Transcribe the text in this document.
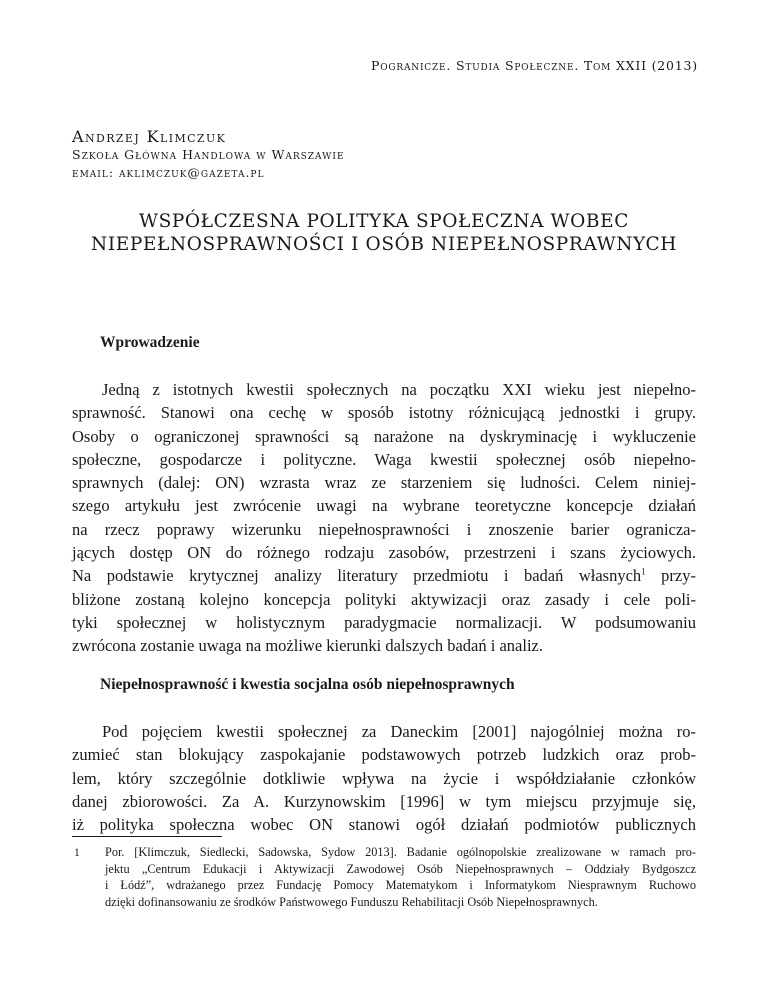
Pogranicze. Studia Społeczne. Tom XXII (2013)

Andrzej Klimczuk

Szkoła Główna Handlowa w Warszawie

email: aklimczuk@gazeta.pl

WSPÓŁCZESNA POLITYKA SPOŁECZNA WOBEC
NIEPEŁNOSPRAWNOŚCI I OSÓB NIEPEŁNOSPRAWNYCH
Wprowadzenie
Jedną z istotnych kwestii społecznych na początku XXI wieku jest niepełno-
sprawność. Stanowi ona cechę w sposób istotny różnicującą jednostki i grupy.
Osoby o ograniczonej sprawności są narażone na dyskryminację i wykluczenie
społeczne, gospodarcze i polityczne. Waga kwestii społecznej osób niepełno-
sprawnych (dalej: ON) wzrasta wraz ze starzeniem się ludności. Celem niniej-
szego artykułu jest zwrócenie uwagi na wybrane teoretyczne koncepcje działań
na rzecz poprawy wizerunku niepełnosprawności i znoszenie barier ogranicza-
jących dostęp ON do różnego rodzaju zasobów, przestrzeni i szans życiowych.
Na podstawie krytycznej analizy literatury przedmiotu i badań własnych$^1$ przy-
bliżone zostaną kolejno koncepcja polityki aktywizacji oraz zasady i cele poli-
tyki społecznej w holistycznym paradygmacie normalizacji. W podsumowaniu
zwrócona zostanie uwaga na możliwe kierunki dalszych badań i analiz.
Niepełnosprawność i kwestia socjalna osób niepełnosprawnych
Pod pojęciem kwestii społecznej za Daneckim [2001] najogólniej można ro-
zumieć stan blokujący zaspokajanie podstawowych potrzeb ludzkich oraz prob-
lem, który szczególnie dotkliwie wpływa na życie i współdziałanie członków
danej zbiorowości. Za A. Kurzynowskim [1996] w tym miejscu przyjmuje się,
iż polityka społeczna wobec ON stanowi ogół działań podmiotów publicznych
1 Por. [Klimczuk, Siedlecki, Sadowska, Sydow 2013]. Badanie ogólnopolskie zrealizowane w ramach pro-
jektu „Centrum Edukacji i Aktywizacji Zawodowej Osób Niepełnosprawnych – Oddziały Bydgoszcz
i Łódź”, wdrażanego przez Fundację Pomocy Matematykom i Informatykom Niesprawnym Ruchowo
dzięki dofinansowaniu ze środków Państwowego Funduszu Rehabilitacji Osób Niepełnosprawnych.
